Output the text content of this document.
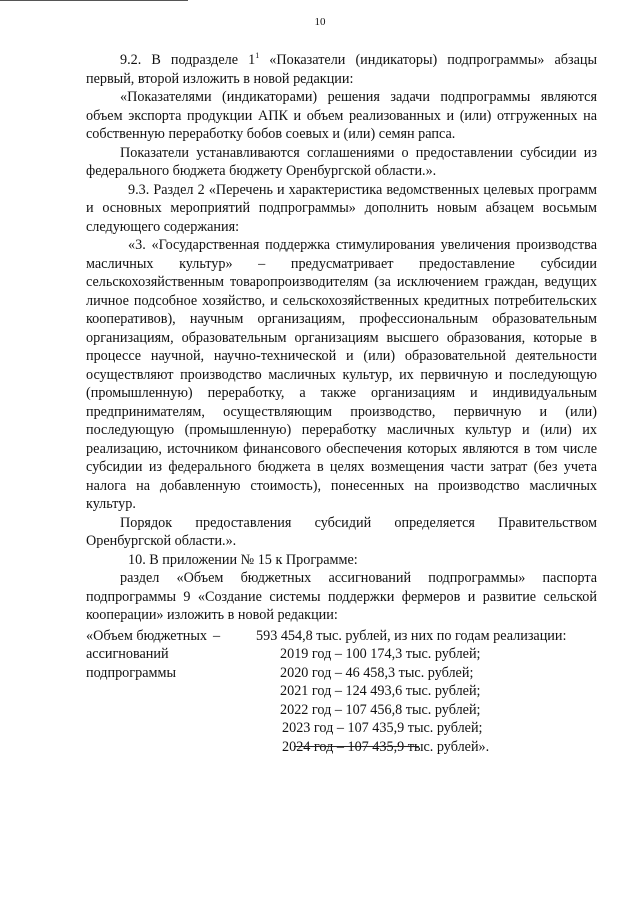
10

9.2. В подразделе $1^1$ «Показатели (индикаторы) подпрограммы» абзацы первый, второй изложить в новой редакции:

«Показателями (индикаторами) решения задачи подпрограммы являются объем экспорта продукции АПК и объем реализованных и (или) отгруженных на собственную переработку бобов соевых и (или) семян рапса.

Показатели устанавливаются соглашениями о предоставлении субсидии из федерального бюджета бюджету Оренбургской области.».

9.3. Раздел 2 «Перечень и характеристика ведомственных целевых программ и основных мероприятий подпрограммы» дополнить новым абзацем восьмым следующего содержания:

«3. «Государственная поддержка стимулирования увеличения производства масличных культур» – предусматривает предоставление субсидии сельскохозяйственным товаропроизводителям (за исключением граждан, ведущих личное подсобное хозяйство, и сельскохозяйственных кредитных потребительских кооперативов), научным организациям, профессиональным образовательным организациям, образовательным организациям высшего образования, которые в процессе научной, научно-технической и (или) образовательной деятельности осуществляют производство масличных культур, их первичную и последующую (промышленную) переработку, а также организациям и индивидуальным предпринимателям, осуществляющим производство, первичную и (или) последующую (промышленную) переработку масличных культур и (или) их реализацию, источником финансового обеспечения которых являются в том числе субсидии из федерального бюджета в целях возмещения части затрат (без учета налога на добавленную стоимость), понесенных на производство масличных культур.

Порядок предоставления субсидий определяется Правительством Оренбургской области.».

10. В приложении № 15 к Программе:

раздел «Объем бюджетных ассигнований подпрограммы» паспорта подпрограммы 9 «Создание системы поддержки фермеров и развитие сельской кооперации» изложить в новой редакции:

«Объем бюджетных –
ассигнований
подпрограммы
593 454,8 тыс. рублей, из них по годам реализации:
2019 год – 100 174,3 тыс. рублей;
2020 год – 46 458,3 тыс. рублей;
2021 год – 124 493,6 тыс. рублей;
2022 год – 107 456,8 тыс. рублей;
2023 год – 107 435,9 тыс. рублей;
2024 год – 107 435,9 тыс. рублей».
